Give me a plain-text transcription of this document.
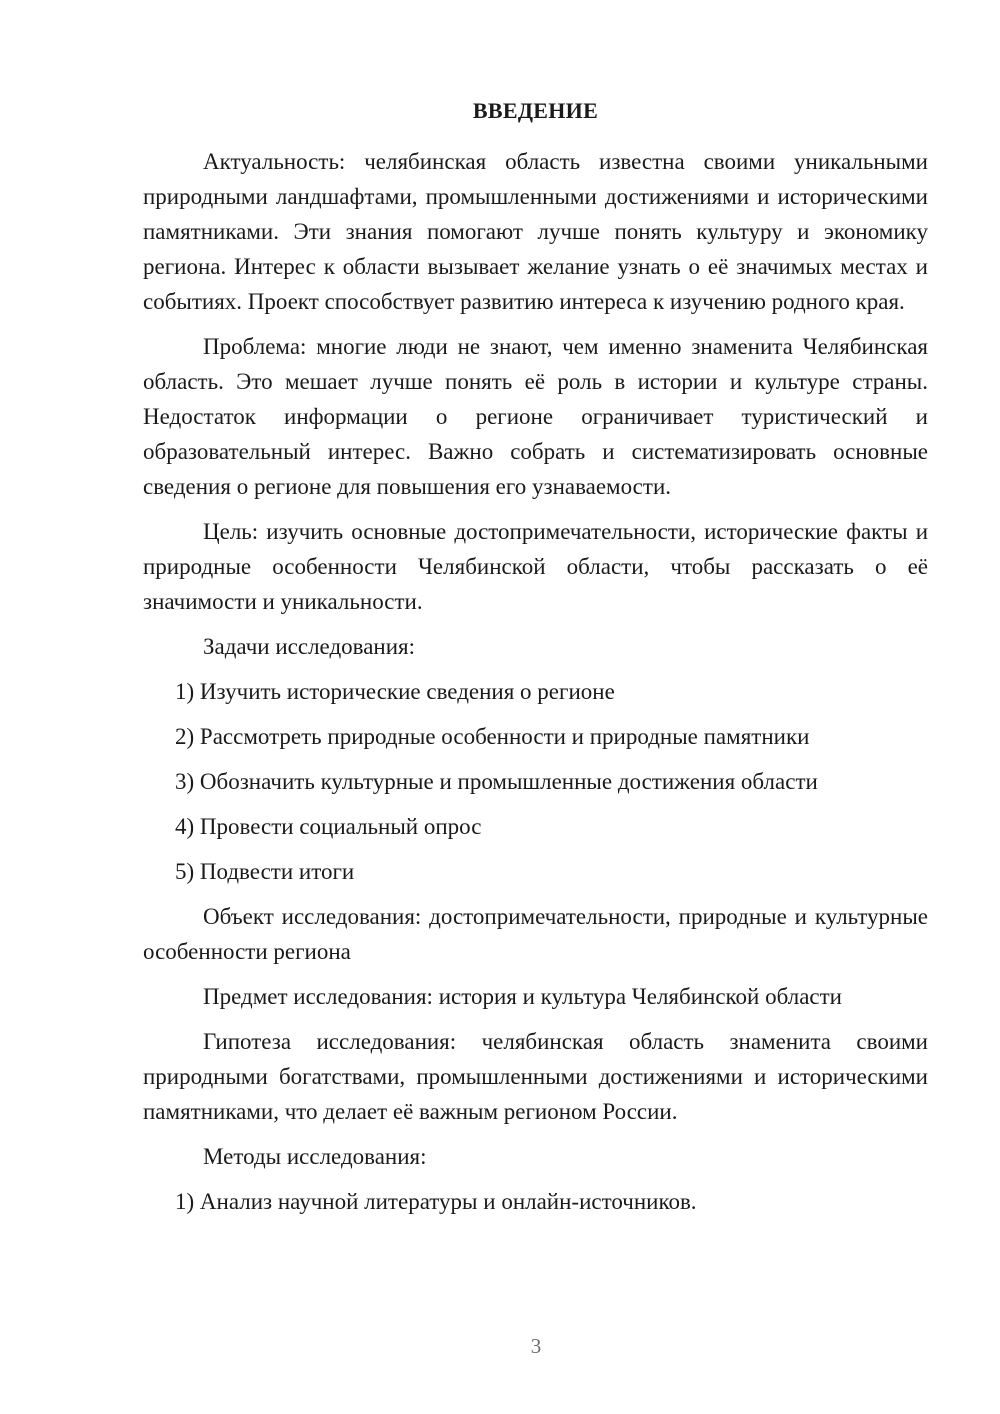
ВВЕДЕНИЕ

Актуальность: челябинская область известна своими уникальными природными ландшафтами, промышленными достижениями и историческими памятниками. Эти знания помогают лучше понять культуру и экономику региона. Интерес к области вызывает желание узнать о её значимых местах и событиях. Проект способствует развитию интереса к изучению родного края.

Проблема: многие люди не знают, чем именно знаменита Челябинская область. Это мешает лучше понять её роль в истории и культуре страны. Недостаток информации о регионе ограничивает туристический и образовательный интерес. Важно собрать и систематизировать основные сведения о регионе для повышения его узнаваемости.

Цель: изучить основные достопримечательности, исторические факты и природные особенности Челябинской области, чтобы рассказать о её значимости и уникальности.

Задачи исследования:

1) Изучить исторические сведения о регионе

2) Рассмотреть природные особенности и природные памятники

3) Обозначить культурные и промышленные достижения области

4) Провести социальный опрос

5) Подвести итоги

Объект исследования: достопримечательности, природные и культурные особенности региона

Предмет исследования: история и культура Челябинской области

Гипотеза исследования: челябинская область знаменита своими природными богатствами, промышленными достижениями и историческими памятниками, что делает её важным регионом России.

Методы исследования:

1) Анализ научной литературы и онлайн-источников.

3
